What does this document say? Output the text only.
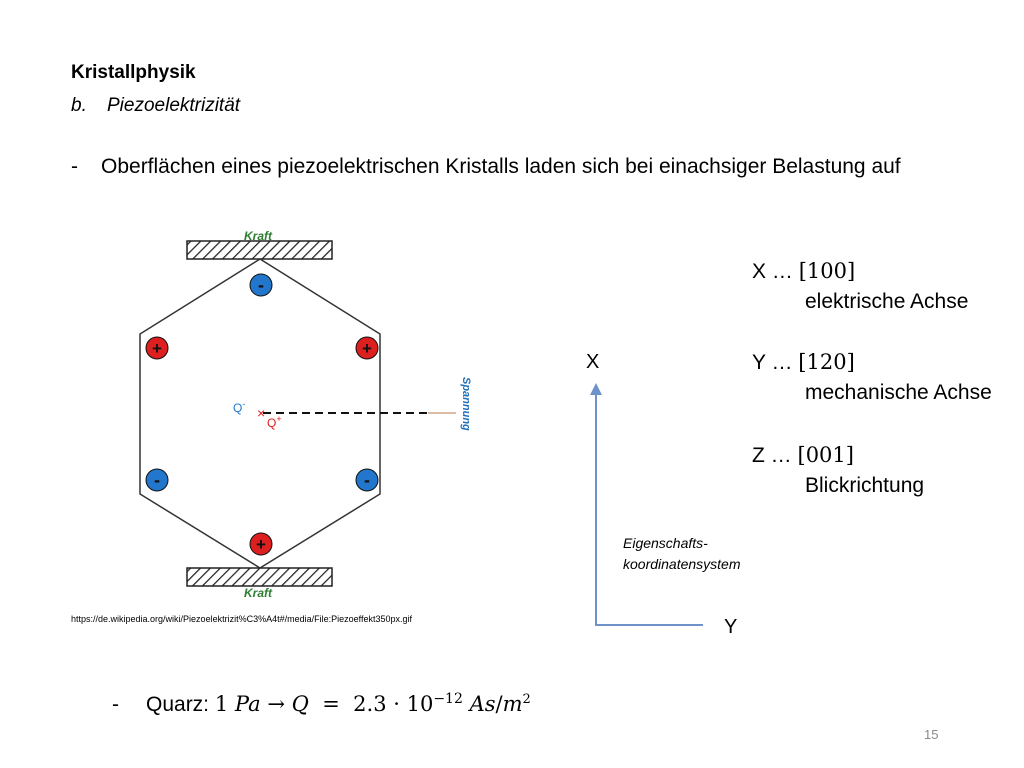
Kristallphysik
b. Piezoelektrizität
- Oberflächen eines piezoelektrischen Kristalls laden sich bei einachsiger Belastung auf
Kraft
Kraft
-
+	+
-	-
+
Q-
×
Q+	Spannung
https://de.wikipedia.org/wiki/Piezoelektrizit%C3%A4t#/media/File:Piezoeffekt350px.gif
X
Y
Eigenschafts-
koordinatensystem
X … [100]
elektrische Achse
Y … [120]
mechanische Achse
Z … [001]
Blickrichtung
- Quarz: 1 $Pa \to Q = 2.3 \cdot 10^{-12}$ $As/m^2$
15
